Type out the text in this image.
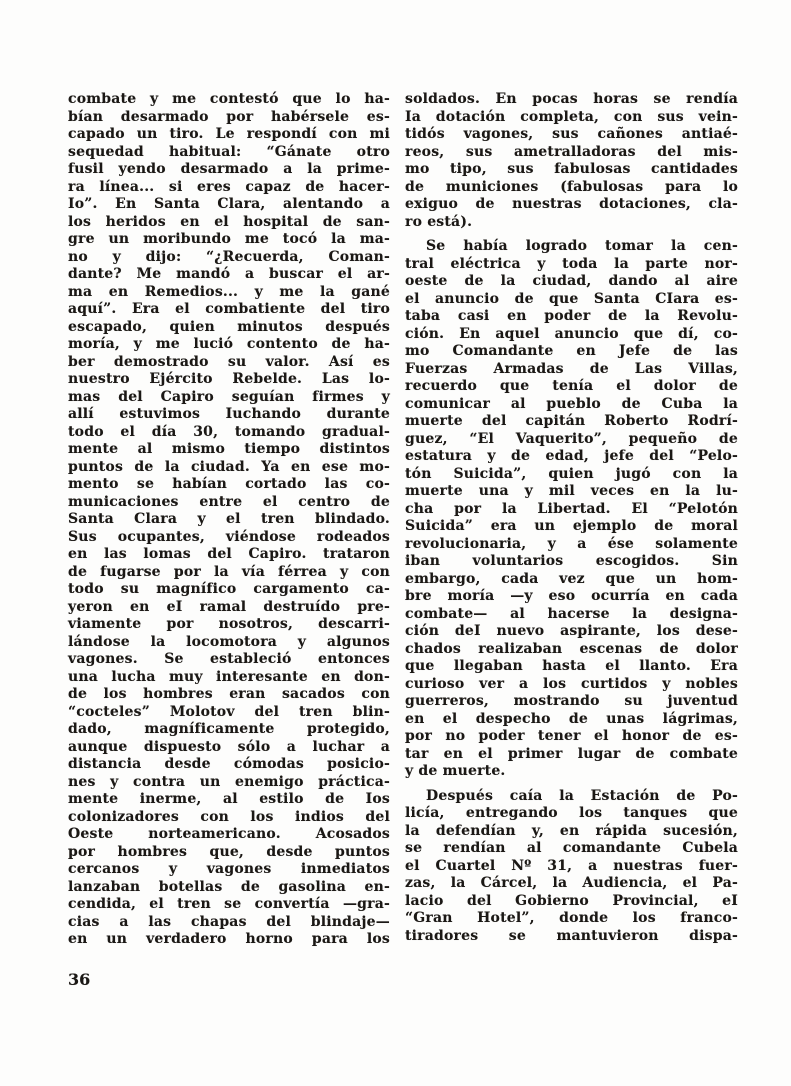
combate y me contestó que lo ha-
bían desarmado por habérsele es-
capado un tiro. Le respondí con mi
sequedad habitual: “Gánate otro
fusil yendo desarmado a la prime-
ra línea... si eres capaz de hacer-
Io”. En Santa Clara, alentando a
los heridos en el hospital de san-
gre un moribundo me tocó la ma-
no y dijo: “¿Recuerda, Coman-
dante? Me mandó a buscar el ar-
ma en Remedios... y me la gané
aquí”. Era el combatiente del tiro
escapado, quien minutos después
moría, y me lució contento de ha-
ber demostrado su valor. Así es
nuestro Ejército Rebelde. Las lo-
mas del Capiro seguían firmes y
allí estuvimos Iuchando durante
todo el día 30, tomando gradual-
mente al mismo tiempo distintos
puntos de la ciudad. Ya en ese mo-
mento se habían cortado las co-
municaciones entre el centro de
Santa Clara y el tren blindado.
Sus ocupantes, viéndose rodeados
en las lomas del Capiro. trataron
de fugarse por la vía férrea y con
todo su magnífico cargamento ca-
yeron en eI ramal destruído pre-
viamente por nosotros, descarri-
lándose la locomotora y algunos
vagones. Se estableció entonces
una lucha muy interesante en don-
de los hombres eran sacados con
“cocteles” Molotov del tren blin-
dado, magníficamente protegido,
aunque dispuesto sólo a luchar a
distancia desde cómodas posicio-
nes y contra un enemigo práctica-
mente inerme, al estilo de Ios
colonizadores con los indios del
Oeste norteamericano. Acosados
por hombres que, desde puntos
cercanos y vagones inmediatos
lanzaban botellas de gasolina en-
cendida, el tren se convertía —gra-
cias a las chapas del blindaje—
en un verdadero horno para los
soldados. En pocas horas se rendía
Ia dotación completa, con sus vein-
tidós vagones, sus cañones antiaé-
reos, sus ametralladoras del mis-
mo tipo, sus fabulosas cantidades
de municiones (fabulosas para lo
exiguo de nuestras dotaciones, cla-
ro está).
Se había logrado tomar la cen-
tral eléctrica y toda la parte nor-
oeste de la ciudad, dando al aire
el anuncio de que Santa CIara es-
taba casi en poder de la Revolu-
ción. En aquel anuncio que dí, co-
mo Comandante en Jefe de las
Fuerzas Armadas de Las Villas,
recuerdo que tenía el dolor de
comunicar al pueblo de Cuba la
muerte del capitán Roberto Rodrí-
guez, “El Vaquerito”, pequeño de
estatura y de edad, jefe del “Pelo-
tón Suicida”, quien jugó con la
muerte una y mil veces en la lu-
cha por la Libertad. El “Pelotón
Suicida” era un ejemplo de moral
revolucionaria, y a ése solamente
iban voluntarios escogidos. Sin
embargo, cada vez que un hom-
bre moría —y eso ocurría en cada
combate— al hacerse la designa-
ción deI nuevo aspirante, los dese-
chados realizaban escenas de dolor
que llegaban hasta el llanto. Era
curioso ver a los curtidos y nobles
guerreros, mostrando su juventud
en el despecho de unas lágrimas,
por no poder tener el honor de es-
tar en el primer lugar de combate
y de muerte.
Después caía la Estación de Po-
licía, entregando los tanques que
la defendían y, en rápida sucesión,
se rendían al comandante Cubela
el Cuartel Nº 31, a nuestras fuer-
zas, la Cárcel, la Audiencia, el Pa-
lacio del Gobierno Provincial, eI
“Gran Hotel”, donde los franco-
tiradores se mantuvieron dispa-
36
